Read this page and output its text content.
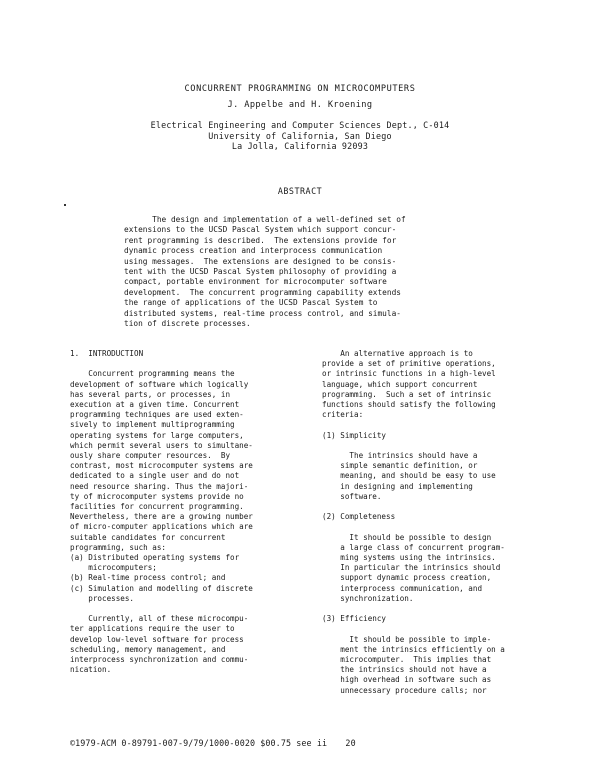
CONCURRENT PROGRAMMING ON MICROCOMPUTERS
J. Appelbe and H. Kroening
Electrical Engineering and Computer Sciences Dept., C-014
University of California, San Diego
La Jolla, California 92093
ABSTRACT
The design and implementation of a well-defined set of
extensions to the UCSD Pascal System which support concur-
rent programming is described.  The extensions provide for
dynamic process creation and interprocess communication
using messages.  The extensions are designed to be consis-
tent with the UCSD Pascal System philosophy of providing a
compact, portable environment for microcomputer software
development.  The concurrent programming capability extends
the range of applications of the UCSD Pascal System to
distributed systems, real-time process control, and simula-
tion of discrete processes.
1.  INTRODUCTION
Concurrent programming means the
development of software which logically
has several parts, or processes, in
execution at a given time. Concurrent
programming techniques are used exten-
sively to implement multiprogramming
operating systems for large computers,
which permit several users to simultane-
ously share computer resources.  By
contrast, most microcomputer systems are
dedicated to a single user and do not
need resource sharing. Thus the majori-
ty of microcomputer systems provide no
facilities for concurrent programming.
Nevertheless, there are a growing number
of micro-computer applications which are
suitable candidates for concurrent
programming, such as:
(a) Distributed operating systems for
microcomputers;
(b) Real-time process control; and
(c) Simulation and modelling of discrete
processes.
Currently, all of these microcompu-
ter applications require the user to
develop low-level software for process
scheduling, memory management, and
interprocess synchronization and commu-
nication.
An alternative approach is to
provide a set of primitive operations,
or intrinsic functions in a high-level
language, which support concurrent
programming.  Such a set of intrinsic
functions should satisfy the following
criteria:
(1) Simplicity
The intrinsics should have a
simple semantic definition, or
meaning, and should be easy to use
in designing and implementing
software.
(2) Completeness
It should be possible to design
a large class of concurrent program-
ming systems using the intrinsics.
In particular the intrinsics should
support dynamic process creation,
interprocess communication, and
synchronization.
(3) Efficiency
It should be possible to imple-
ment the intrinsics efficiently on a
microcomputer.  This implies that
the intrinsics should not have a
high overhead in software such as
unnecessary procedure calls; nor
©1979-ACM 0-89791-007-9/79/1000-0020 $00.75 see ii 20
